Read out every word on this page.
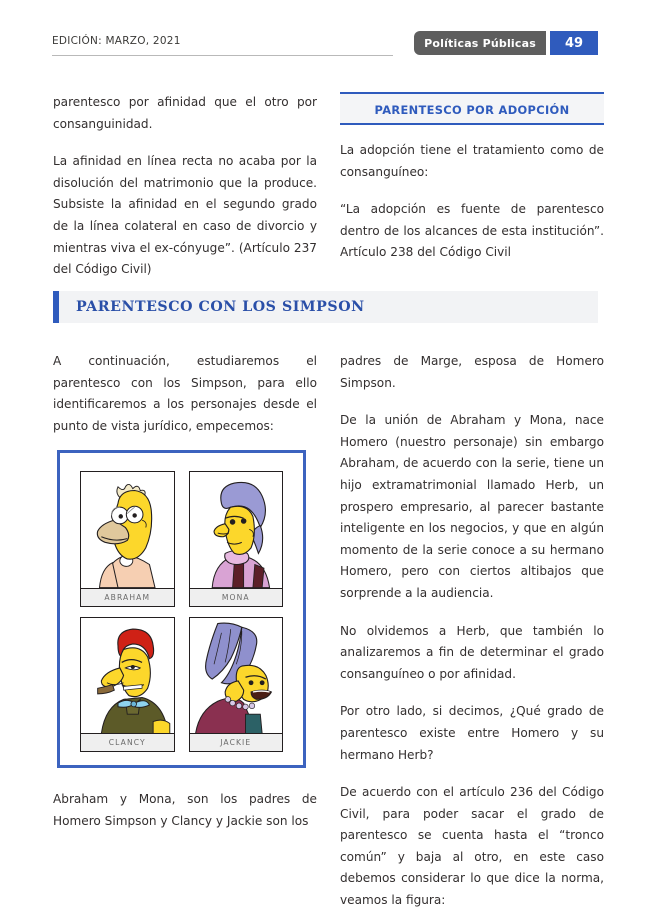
EDICIÓN: MARZO, 2021	Políticas Públicas	49

parentesco por afinidad que el otro por consanguinidad.

La afinidad en línea recta no acaba por la disolución del matrimonio que la produce. Subsiste la afinidad en el segundo grado de la línea colateral en caso de divorcio y mientras viva el ex-cónyuge”. (Artículo 237 del Código Civil)

PARENTESCO POR ADOPCIÓN

La adopción tiene el tratamiento como de consanguíneo:

“La adopción es fuente de parentesco dentro de los alcances de esta institución”. Artículo 238 del Código Civil

PARENTESCO CON LOS SIMPSON

A continuación, estudiaremos el parentesco con los Simpson, para ello identificaremos a los personajes desde el punto de vista jurídico, empecemos:

ABRAHAM	MONA
CLANCY	JACKIE

Abraham y Mona, son los padres de Homero Simpson y Clancy y Jackie son los

padres de Marge, esposa de Homero Simpson.

De la unión de Abraham y Mona, nace Homero (nuestro personaje) sin embargo Abraham, de acuerdo con la serie, tiene un hijo extramatrimonial llamado Herb, un prospero empresario, al parecer bastante inteligente en los negocios, y que en algún momento de la serie conoce a su hermano Homero, pero con ciertos altibajos que sorprende a la audiencia.

No olvidemos a Herb, que también lo analizaremos a fin de determinar el grado consanguíneo o por afinidad.

Por otro lado, si decimos, ¿Qué grado de parentesco existe entre Homero y su hermano Herb?

De acuerdo con el artículo 236 del Código Civil, para poder sacar el grado de parentesco se cuenta hasta el “tronco común” y baja al otro, en este caso debemos considerar lo que dice la norma, veamos la figura:
